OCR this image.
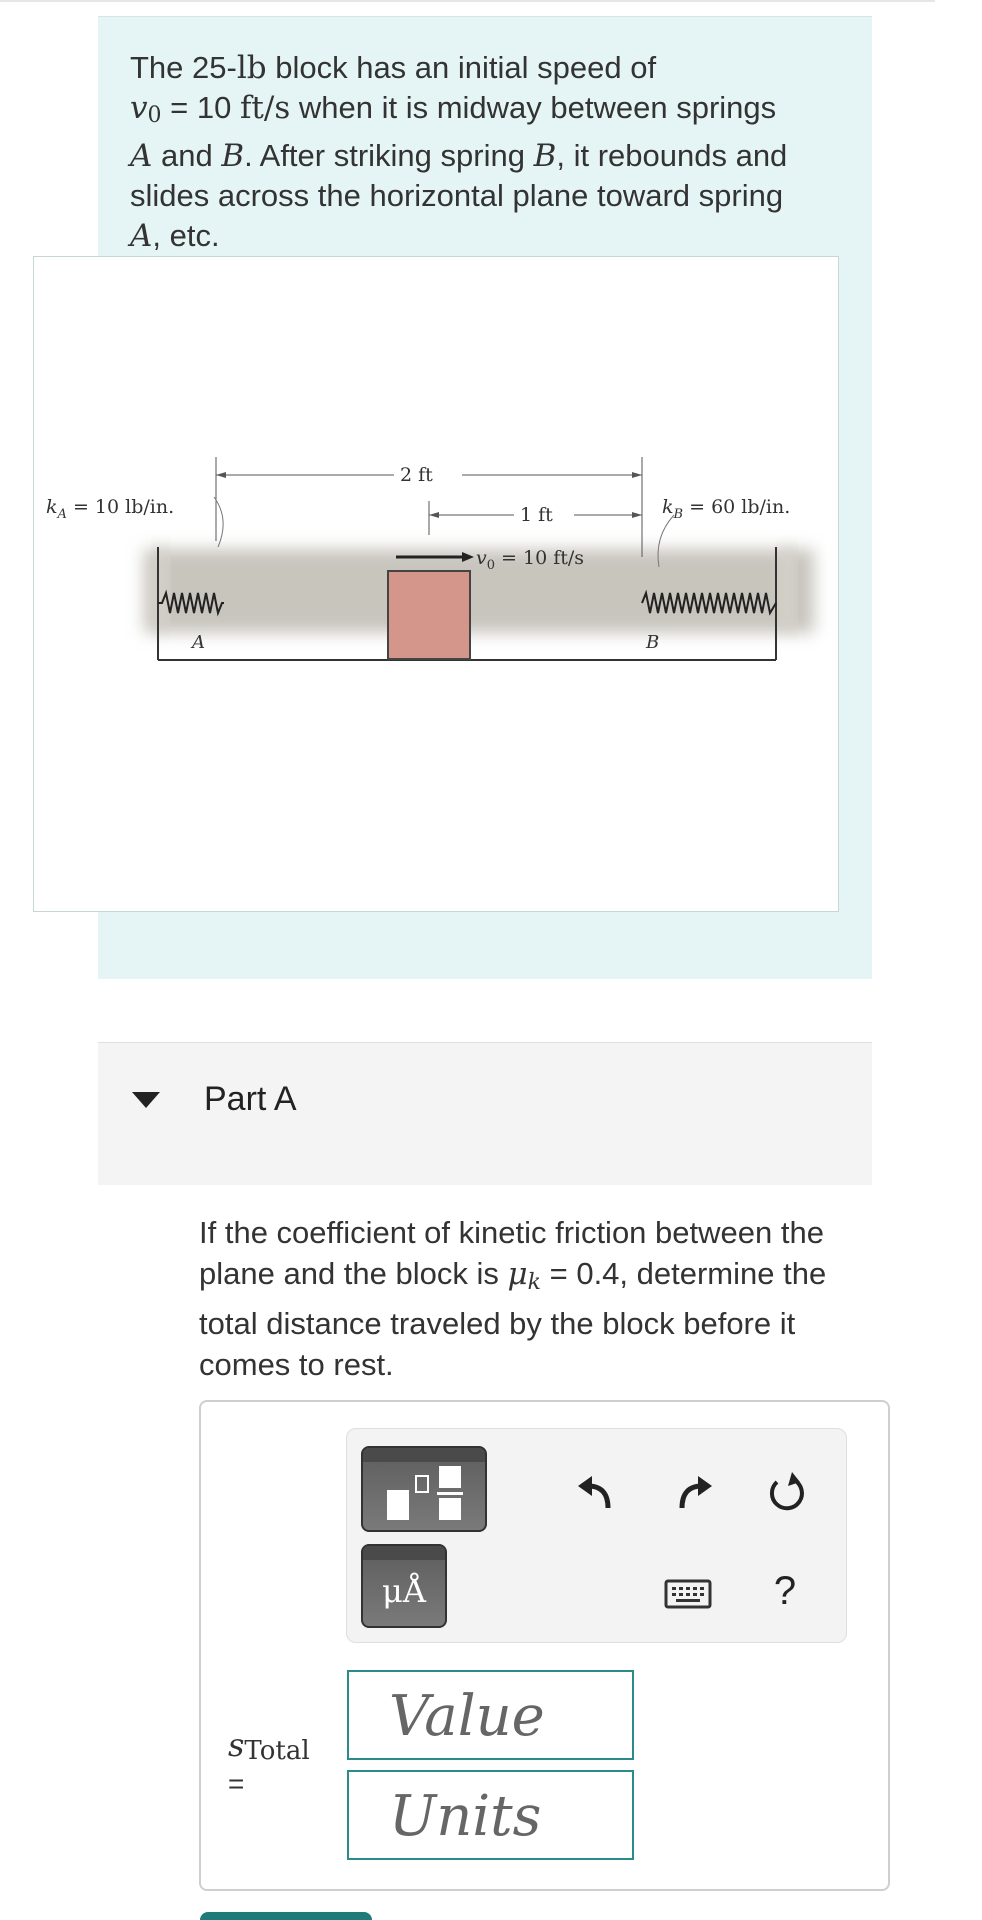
The 25-lb block has an initial speed of
v0 = 10 ft/s when it is midway between springs
A and B. After striking spring B, it rebounds and
slides across the horizontal plane toward spring
A, etc.
A	B
$v_0 = 10$ ft/s
2 ft
1 ft
$k_A = 10$ lb/in.	$k_B = 60$ lb/in.
Part A
If the coefficient of kinetic friction between the plane and the block is μk = 0.4, determine the total distance traveled by the block before it comes to rest.
μÅ	?
sTotal
=
Value
Units
